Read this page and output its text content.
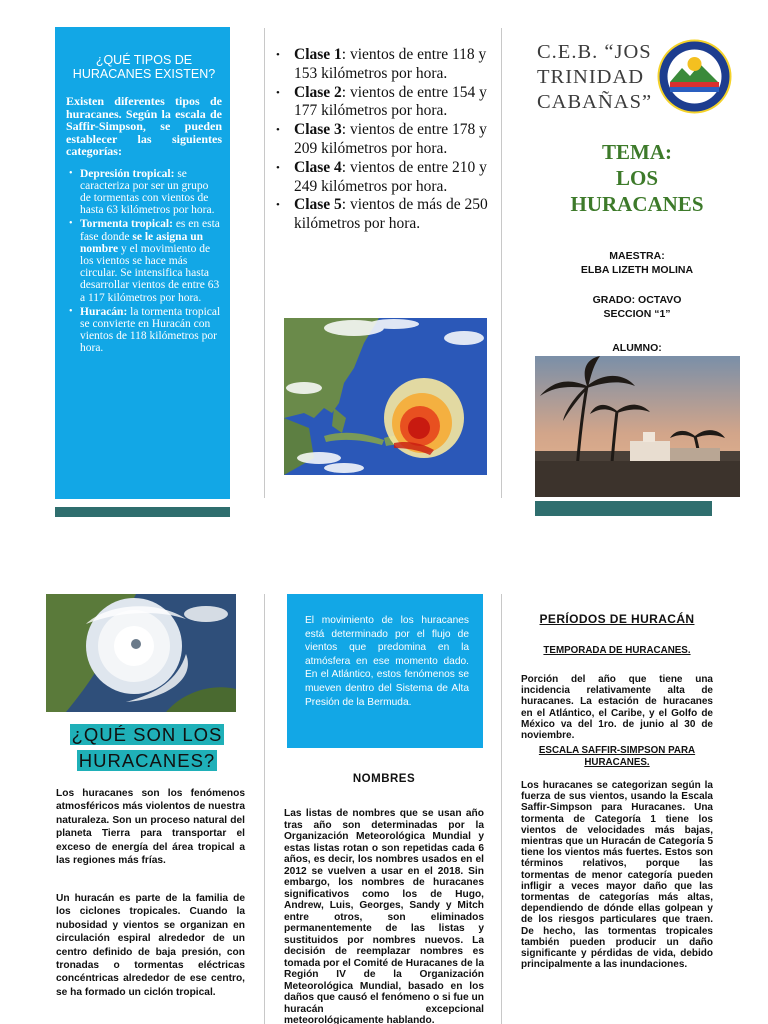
¿QUÉ TIPOS DE HURACANES EXISTEN?

Existen diferentes tipos de huracanes. Según la escala de Saffir-Simpson, se pueden establecer las siguientes categorías:

• Depresión tropical: se caracteriza por ser un grupo de tormentas con vientos de hasta 63 kilómetros por hora.
• Tormenta tropical: es en esta fase donde se le asigna un nombre y el movimiento de los vientos se hace más circular. Se intensifica hasta desarrollar vientos de entre 63 a 117 kilómetros por hora.
• Huracán: la tormenta tropical se convierte en Huracán con vientos de 118 kilómetros por hora.
• Clase 1: vientos de entre 118 y 153 kilómetros por hora.
• Clase 2: vientos de entre 154 y 177 kilómetros por hora.
• Clase 3: vientos de entre 178 y 209 kilómetros por hora.
• Clase 4: vientos de entre 210 y 249 kilómetros por hora.
• Clase 5: vientos de más de 250 kilómetros por hora.
C.E.B. “JOS
TRINIDAD
CABAÑAS”
TEMA:
LOS
HURACANES
MAESTRA:
ELBA LIZETH MOLINA
GRADO: OCTAVO
SECCION “1”
ALUMNO:
¿QUÉ SON LOS HURACANES?

Los huracanes son los fenómenos atmosféricos más violentos de nuestra naturaleza. Son un proceso natural del planeta Tierra para transportar el exceso de energía del área tropical a las regiones más frías.

Un huracán es parte de la familia de los ciclones tropicales. Cuando la nubosidad y vientos se organizan en circulación espiral alrededor de un centro definido de baja presión, con tronadas o tormentas eléctricas concéntricas alrededor de ese centro, se ha formado un ciclón tropical.

El movimiento de los huracanes está determinado por el flujo de vientos que predomina en la atmósfera en ese momento dado. En el Atlántico, estos fenómenos se mueven dentro del Sistema de Alta Presión de la Bermuda.

NOMBRES

Las listas de nombres que se usan año tras año son determinadas por la Organización Meteorológica Mundial y estas listas rotan o son repetidas cada 6 años, es decir, los nombres usados en el 2012 se vuelven a usar en el 2018. Sin embargo, los nombres de huracanes significativos como los de Hugo, Andrew, Luis, Georges, Sandy y Mitch entre otros, son eliminados permanentemente de las listas y sustituidos por nombres nuevos. La decisión de reemplazar nombres es tomada por el Comité de Huracanes de la Región IV de la Organización Meteorológica Mundial, basado en los daños que causó el fenómeno o si fue un huracán excepcional meteorológicamente hablando.

PERÍODOS DE HURACÁN
TEMPORADA DE HURACANES.

Porción del año que tiene una incidencia relativamente alta de huracanes. La estación de huracanes en el Atlántico, el Caribe, y el Golfo de México va del 1ro. de junio al 30 de noviembre.

ESCALA SAFFIR-SIMPSON PARA HURACANES.

Los huracanes se categorizan según la fuerza de sus vientos, usando la Escala Saffir-Simpson para Huracanes. Una tormenta de Categoría 1 tiene los vientos de velocidades más bajas, mientras que un Huracán de Categoría 5 tiene los vientos más fuertes. Estos son términos relativos, porque las tormentas de menor categoría pueden infligir a veces mayor daño que las tormentas de categorías más altas, dependiendo de dónde ellas golpean y de los riesgos particulares que traen. De hecho, las tormentas tropicales también pueden producir un daño significante y pérdidas de vida, debido principalmente a las inundaciones.
